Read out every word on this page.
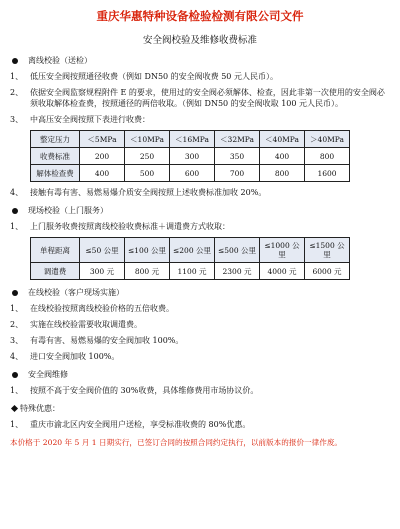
重庆华惠特种设备检验检测有限公司文件
安全阀校验及维修收费标准
离线校验（送检）
1、 低压安全阀按照通径收费（例如 DN50 的安全阀收费 50 元人民币）。
2、 依据安全阀监察规程附件 E 的要求，使用过的安全阀必须解体、检查，因此非第一次使用的安全阀必须收取解体检查费，按照通径的两倍收取。（例如 DN50 的安全阀收取 100 元人民币）。
3、 中高压安全阀按照下表进行收费：
整定压力	＜5MPa	＜10MPa	＜16MPa	＜32MPa	＜40MPa	＞40MPa
收费标准	200	250	300	350	400	800
解体检查费	400	500	600	700	800	1600
4、 接触有毒有害、易燃易爆介质安全阀按照上述收费标准加收 20%。
现场校验（上门服务）
1、 上门服务收费按照离线校验收费标准＋调遣费方式收取：
单程距离	≤50 公里	≤100 公里	≤200 公里	≤500 公里	≤1000 公里	≤1500 公里
调遣费	300 元	800 元	1100 元	2300 元	4000 元	6000 元
在线校验（客户现场实施）
1、 在线校验按照离线校验价格的五倍收费。
2、 实施在线校验需要收取调遣费。
3、 有毒有害、易燃易爆的安全阀加收 100%。
4、 进口安全阀加收 100%。
安全阀维修
1、 按照不高于安全阀价值的 30%收费，具体维修费用市场协议价。
特殊优惠：
1、 重庆市渝北区内安全阀用户送检，享受标准收费的 80%优惠。
本价格于 2020 年 5 月 1 日期实行，已签订合同的按照合同约定执行，以前版本的报价一律作废。
